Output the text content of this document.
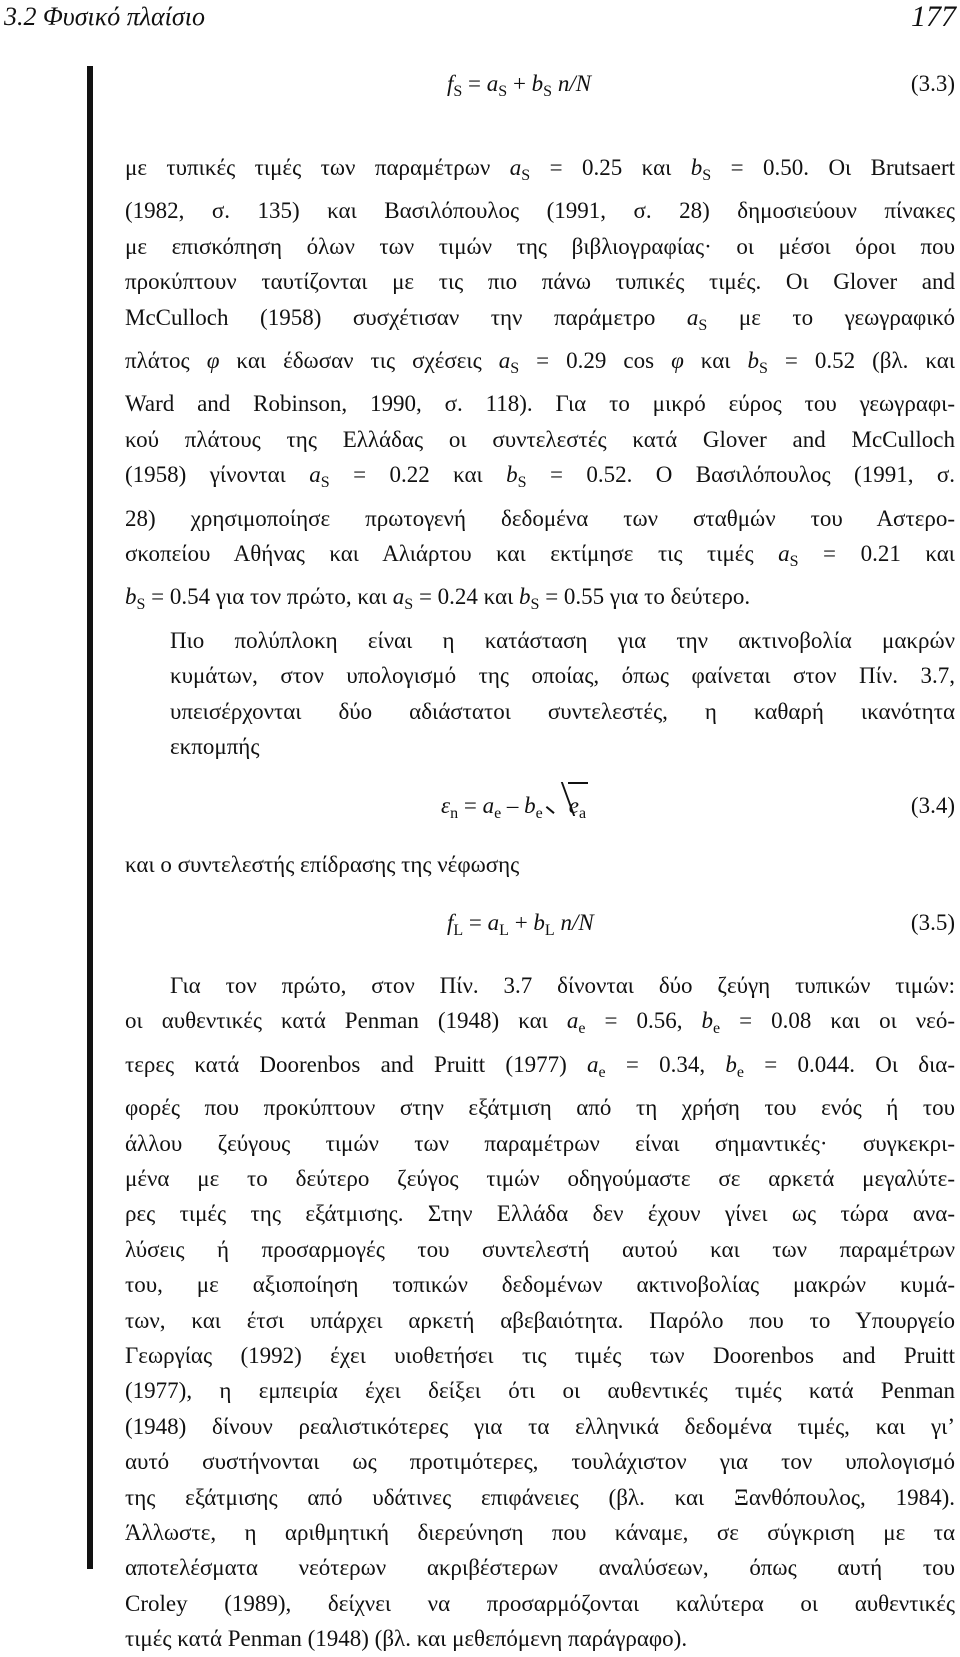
3.2 Φυσικό πλαίσιο	177
$f_S = a_S + b_S$ n/N	(3.3)

με τυπικές τιμές των παραμέτρων $a_S = 0.25$ και $b_S = 0.50$. Οι Brutsaert
(1982, σ. 135) και Βασιλόπουλος (1991, σ. 28) δημοσιεύουν πίνακες
με επισκόπηση όλων των τιμών της βιβλιογραφίας· οι μέσοι όροι που
προκύπτουν ταυτίζονται με τις πιο πάνω τυπικές τιμές. Οι Glover and
McCulloch (1958) συσχέτισαν την παράμετρο $a_S$ με το γεωγραφικό
πλάτος φ και έδωσαν τις σχέσεις $a_S = 0.29$ cos φ και $b_S = 0.52$ (βλ. και
Ward and Robinson, 1990, σ. 118). Για το μικρό εύρος του γεωγραφι-
κού πλάτους της Ελλάδας οι συντελεστές κατά Glover and McCulloch
(1958) γίνονται $a_S = 0.22$ και $b_S = 0.52$. Ο Βασιλόπουλος (1991, σ.
28) χρησιμοποίησε πρωτογενή δεδομένα των σταθμών του Αστερο-
σκοπείου Αθήνας και Αλιάρτου και εκτίμησε τις τιμές $a_S = 0.21$ και
$b_S = 0.54$ για τον πρώτο, και $a_S = 0.24$ και $b_S = 0.55$ για το δεύτερο.

Πιο πολύπλοκη είναι η κατάσταση για την ακτινοβολία μακρών
κυμάτων, στον υπολογισμό της οποίας, όπως φαίνεται στον Πίν. 3.7,
υπεισέρχονται δύο αδιάστατοι συντελεστές, η καθαρή ικανότητα
εκπομπής

$\varepsilon_n = a_e - b_e$ $e_a$	(3.4)

και ο συντελεστής επίδρασης της νέφωσης

$f_L = a_L + b_L$ n/N	(3.5)

Για τον πρώτο, στον Πίν. 3.7 δίνονται δύο ζεύγη τυπικών τιμών:
οι αυθεντικές κατά Penman (1948) και $a_e = 0.56$, $b_e = 0.08$ και οι νεό-
τερες κατά Doorenbos and Pruitt (1977) $a_e = 0.34$, $b_e = 0.044$. Οι δια-
φορές που προκύπτουν στην εξάτμιση από τη χρήση του ενός ή του
άλλου ζεύγους τιμών των παραμέτρων είναι σημαντικές· συγκεκρι-
μένα με το δεύτερο ζεύγος τιμών οδηγούμαστε σε αρκετά μεγαλύτε-
ρες τιμές της εξάτμισης. Στην Ελλάδα δεν έχουν γίνει ως τώρα ανα-
λύσεις ή προσαρμογές του συντελεστή αυτού και των παραμέτρων
του, με αξιοποίηση τοπικών δεδομένων ακτινοβολίας μακρών κυμά-
των, και έτσι υπάρχει αρκετή αβεβαιότητα. Παρόλο που το Υπουργείο
Γεωργίας (1992) έχει υιοθετήσει τις τιμές των Doorenbos and Pruitt
(1977), η εμπειρία έχει δείξει ότι οι αυθεντικές τιμές κατά Penman
(1948) δίνουν ρεαλιστικότερες για τα ελληνικά δεδομένα τιμές, και γι’
αυτό συστήνονται ως προτιμότερες, τουλάχιστον για τον υπολογισμό
της εξάτμισης από υδάτινες επιφάνειες (βλ. και Ξανθόπουλος, 1984).
Άλλωστε, η αριθμητική διερεύνηση που κάναμε, σε σύγκριση με τα
αποτελέσματα νεότερων ακριβέστερων αναλύσεων, όπως αυτή του
Croley (1989), δείχνει να προσαρμόζονται καλύτερα οι αυθεντικές
τιμές κατά Penman (1948) (βλ. και μεθεπόμενη παράγραφο).
